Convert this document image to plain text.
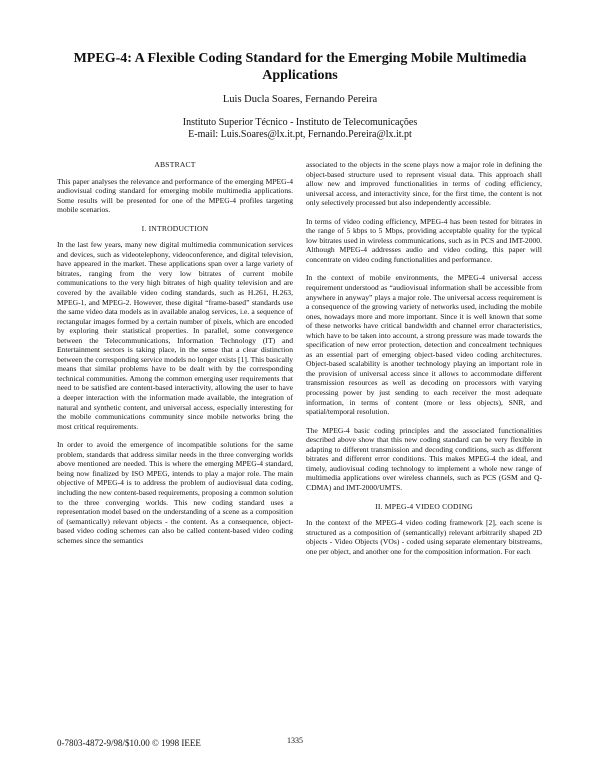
MPEG-4: A Flexible Coding Standard for the Emerging Mobile Multimedia Applications
Luis Ducla Soares, Fernando Pereira
Instituto Superior Técnico - Instituto de Telecomunicações
E-mail: Luis.Soares@lx.it.pt, Fernando.Pereira@lx.it.pt
ABSTRACT

This paper analyses the relevance and performance of the emerging MPEG-4 audiovisual coding standard for emerging mobile multimedia applications. Some results will be presented for one of the MPEG-4 profiles targeting mobile scenarios.

I. INTRODUCTION

In the last few years, many new digital multimedia communication services and devices, such as videotelephony, videoconference, and digital television, have appeared in the market. These applications span over a large variety of bitrates, ranging from the very low bitrates of current mobile communications to the very high bitrates of high quality television and are covered by the available video coding standards, such as H.261, H.263, MPEG-1, and MPEG-2. However, these digital “frame-based” standards use the same video data models as in available analog services, i.e. a sequence of rectangular images formed by a certain number of pixels, which are encoded by exploring their statistical properties. In parallel, some convergence between the Telecommunications, Information Technology (IT) and Entertainment sectors is taking place, in the sense that a clear distinction between the corresponding service models no longer exists [1]. This basically means that similar problems have to be dealt with by the corresponding technical communities. Among the common emerging user requirements that need to be satisfied are content-based interactivity, allowing the user to have a deeper interaction with the information made available, the integration of natural and synthetic content, and universal access, especially interesting for the mobile communications community since mobile networks bring the most critical requirements.

In order to avoid the emergence of incompatible solutions for the same problem, standards that address similar needs in the three converging worlds above mentioned are needed. This is where the emerging MPEG-4 standard, being now finalized by ISO MPEG, intends to play a major role. The main objective of MPEG-4 is to address the problem of audiovisual data coding, including the new content-based requirements, proposing a common solution to the three converging worlds. This new coding standard uses a representation model based on the understanding of a scene as a composition of (semantically) relevant objects - the content. As a consequence, object-based video coding schemes can also be called content-based video coding schemes since the semantics

associated to the objects in the scene plays now a major role in defining the object-based structure used to represent visual data. This approach shall allow new and improved functionalities in terms of coding efficiency, universal access, and interactivity since, for the first time, the content is not only selectively processed but also independently accessible.

In terms of video coding efficiency, MPEG-4 has been tested for bitrates in the range of 5 kbps to 5 Mbps, providing acceptable quality for the typical low bitrates used in wireless communications, such as in PCS and IMT-2000. Although MPEG-4 addresses audio and video coding, this paper will concentrate on video coding functionalities and performance.

In the context of mobile environments, the MPEG-4 universal access requirement understood as “audiovisual information shall be accessible from anywhere in anyway” plays a major role. The universal access requirement is a consequence of the growing variety of networks used, including the mobile ones, nowadays more and more important. Since it is well known that some of these networks have critical bandwidth and channel error characteristics, which have to be taken into account, a strong pressure was made towards the specification of new error protection, detection and concealment techniques as an essential part of emerging object-based video coding architectures. Object-based scalability is another technology playing an important role in the provision of universal access since it allows to accommodate different transmission resources as well as decoding on processors with varying processing power by just sending to each receiver the most adequate information, in terms of content (more or less objects), SNR, and spatial/temporal resolution.

The MPEG-4 basic coding principles and the associated functionalities described above show that this new coding standard can be very flexible in adapting to different transmission and decoding conditions, such as different bitrates and different error conditions. This makes MPEG-4 the ideal, and timely, audiovisual coding technology to implement a whole new range of multimedia applications over wireless channels, such as PCS (GSM and Q-CDMA) and IMT-2000/UMTS.

II. MPEG-4 VIDEO CODING

In the context of the MPEG-4 video coding framework [2], each scene is structured as a composition of (semantically) relevant arbitrarily shaped 2D objects - Video Objects (VOs) - coded using separate elementary bitstreams, one per object, and another one for the composition information. For each

0-7803-4872-9/98/$10.00 © 1998 IEEE	1335
